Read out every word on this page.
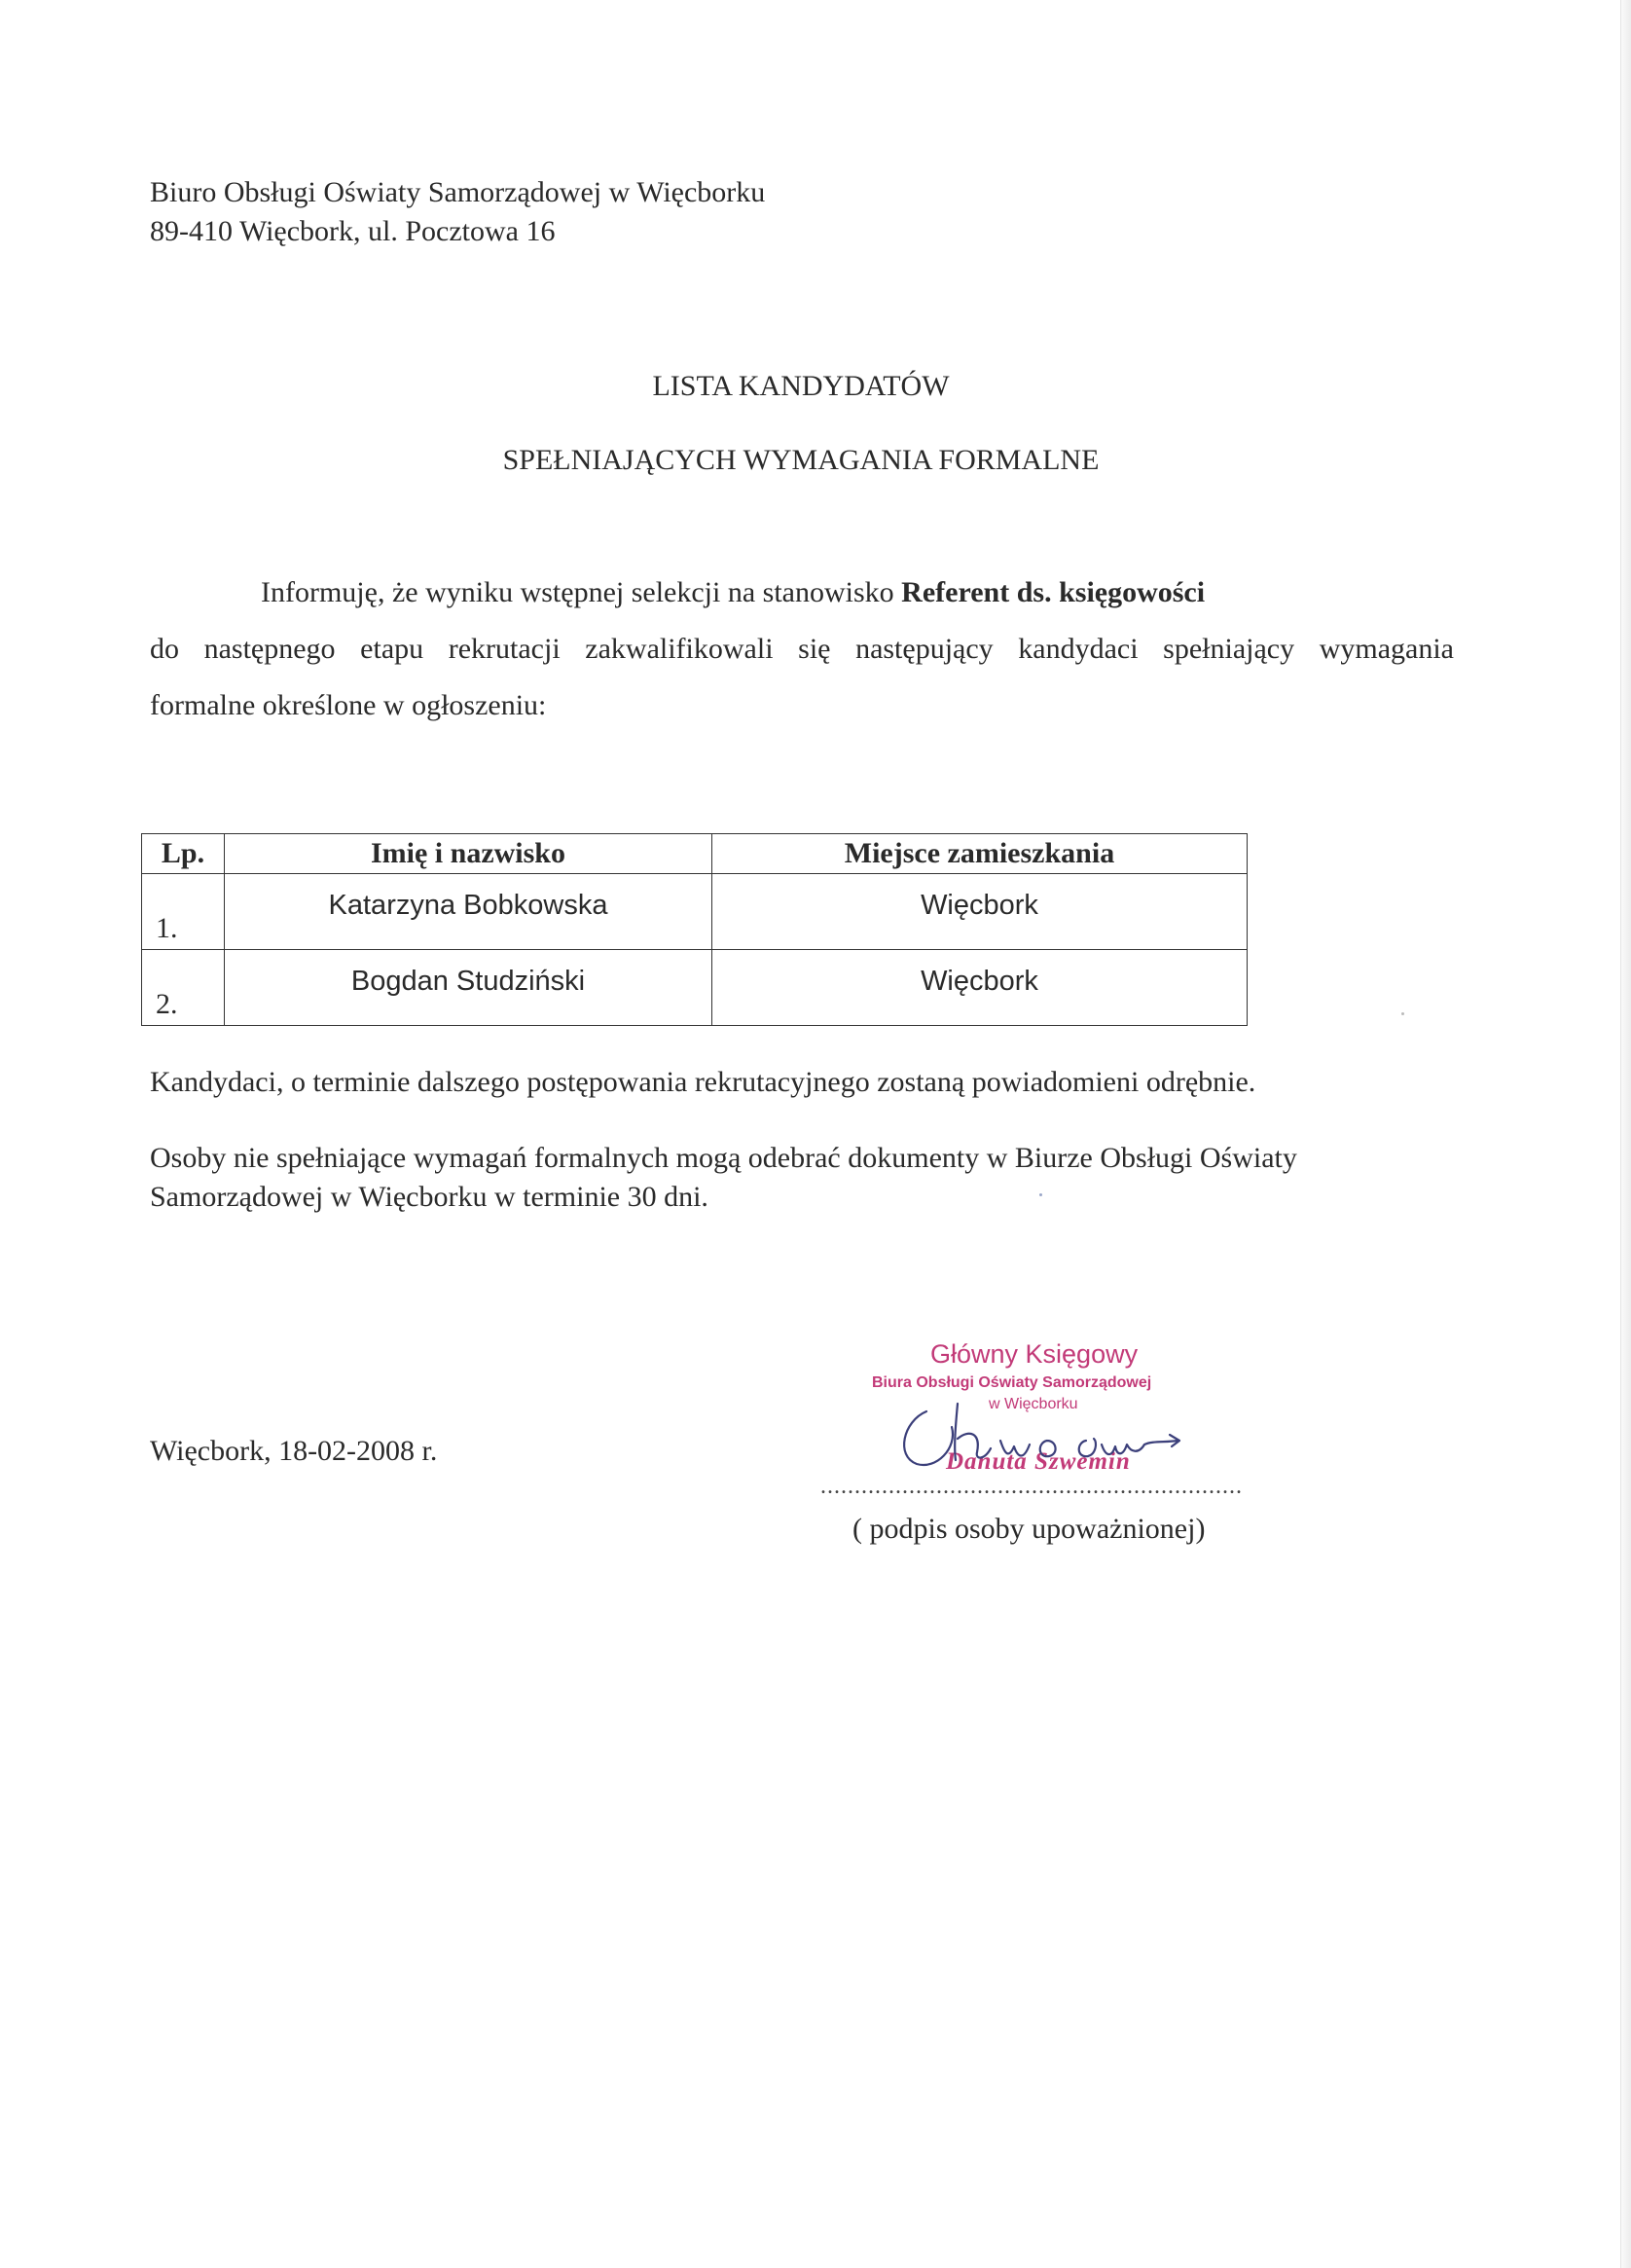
Biuro Obsługi Oświaty Samorządowej w Więcborku
89-410 Więcbork, ul. Pocztowa 16
LISTA KANDYDATÓW
SPEŁNIAJĄCYCH WYMAGANIA FORMALNE
Informuję, że wyniku wstępnej selekcji na stanowisko Referent ds. księgowości
do następnego etapu rekrutacji zakwalifikowali się następujący kandydaci spełniający wymagania
formalne określone w ogłoszeniu:
Lp.	Imię i nazwisko	Miejsce zamieszkania

1.	Katarzyna Bobkowska	Więcbork

2.	Bogdan Studziński	Więcbork
Kandydaci, o terminie dalszego postępowania rekrutacyjnego zostaną powiadomieni odrębnie.
Osoby nie spełniające wymagań formalnych mogą odebrać dokumenty w Biurze Obsługi Oświaty
Samorządowej w Więcborku w terminie 30 dni.
Więcbork, 18-02-2008 r.
Główny Księgowy
Biura Obsługi Oświaty Samorządowej
w Więcborku
Danuta Szwemin
..............................................................
( podpis osoby upoważnionej)
